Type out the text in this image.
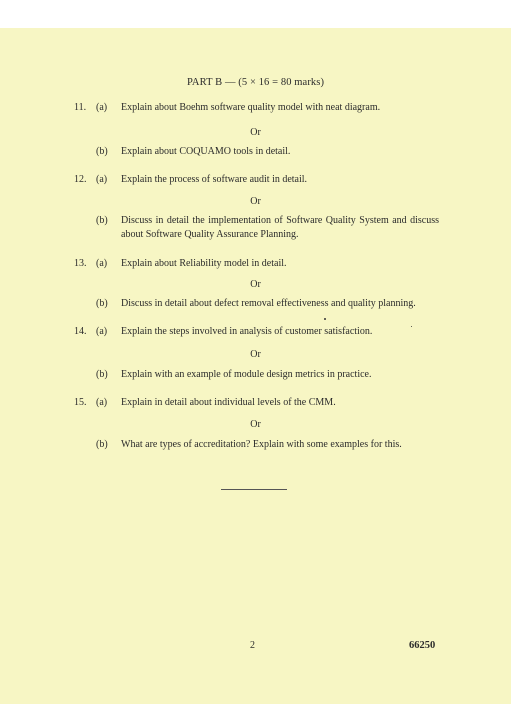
PART B — (5 × 16 = 80 marks)
11. (a)	Explain about Boehm software quality model with neat diagram.
Or
(b)	Explain about COQUAMO tools in detail.
12. (a)	Explain the process of software audit in detail.
Or
(b)	Discuss in detail the implementation of Software Quality System and discuss about Software Quality Assurance Planning.
13. (a)	Explain about Reliability model in detail.
Or
(b)	Discuss in detail about defect removal effectiveness and quality planning.
14. (a)	Explain the steps involved in analysis of customer satisfaction.
Or
(b)	Explain with an example of module design metrics in practice.
15. (a)	Explain in detail about individual levels of the CMM.
Or
(b)	What are types of accreditation? Explain with some examples for this.
2	66250
